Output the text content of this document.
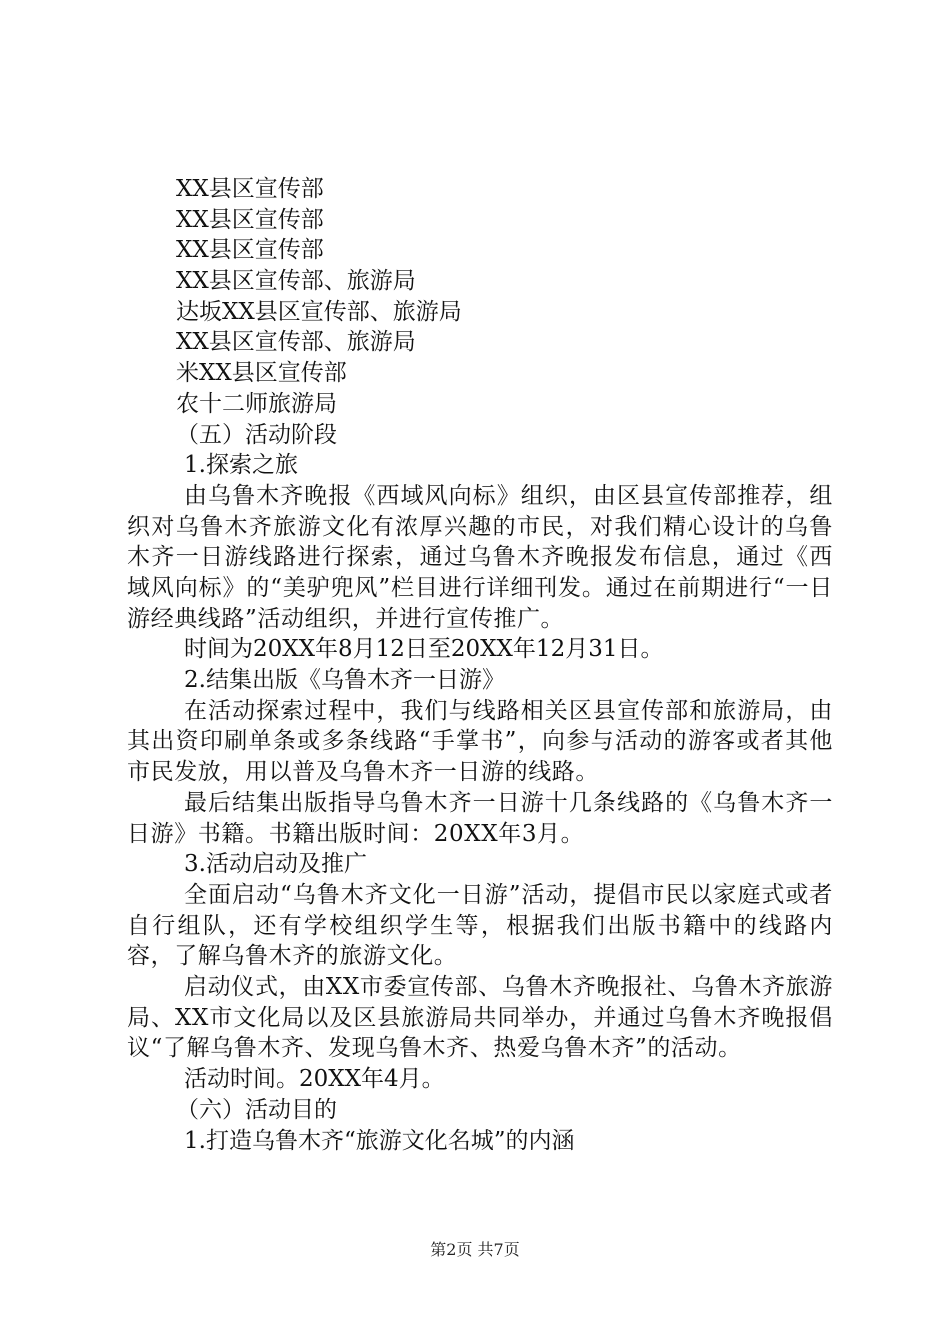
XX县区宣传部
XX县区宣传部
XX县区宣传部
XX县区宣传部、旅游局
达坂XX县区宣传部、旅游局
XX县区宣传部、旅游局
米XX县区宣传部
农十二师旅游局
（五）活动阶段
1.探索之旅

由乌鲁木齐晚报《西域风向标》组织，由区县宣传部推荐，组织对乌鲁木齐旅游文化有浓厚兴趣的市民，对我们精心设计的乌鲁木齐一日游线路进行探索，通过乌鲁木齐晚报发布信息，通过《西域风向标》的“美驴兜风”栏目进行详细刊发。通过在前期进行“一日游经典线路”活动组织，并进行宣传推广。

时间为20XX年8月12日至20XX年12月31日。
2.结集出版《乌鲁木齐一日游》

在活动探索过程中，我们与线路相关区县宣传部和旅游局，由其出资印刷单条或多条线路“手掌书”，向参与活动的游客或者其他市民发放，用以普及乌鲁木齐一日游的线路。

最后结集出版指导乌鲁木齐一日游十几条线路的《乌鲁木齐一日游》书籍。书籍出版时间：20XX年3月。

3.活动启动及推广

全面启动“乌鲁木齐文化一日游”活动，提倡市民以家庭式或者自行组队，还有学校组织学生等，根据我们出版书籍中的线路内容，了解乌鲁木齐的旅游文化。

启动仪式，由XX市委宣传部、乌鲁木齐晚报社、乌鲁木齐旅游局、XX市文化局以及区县旅游局共同举办，并通过乌鲁木齐晚报倡议“了解乌鲁木齐、发现乌鲁木齐、热爱乌鲁木齐”的活动。

活动时间。20XX年4月。
（六）活动目的
1.打造乌鲁木齐“旅游文化名城”的内涵
第2页 共7页
